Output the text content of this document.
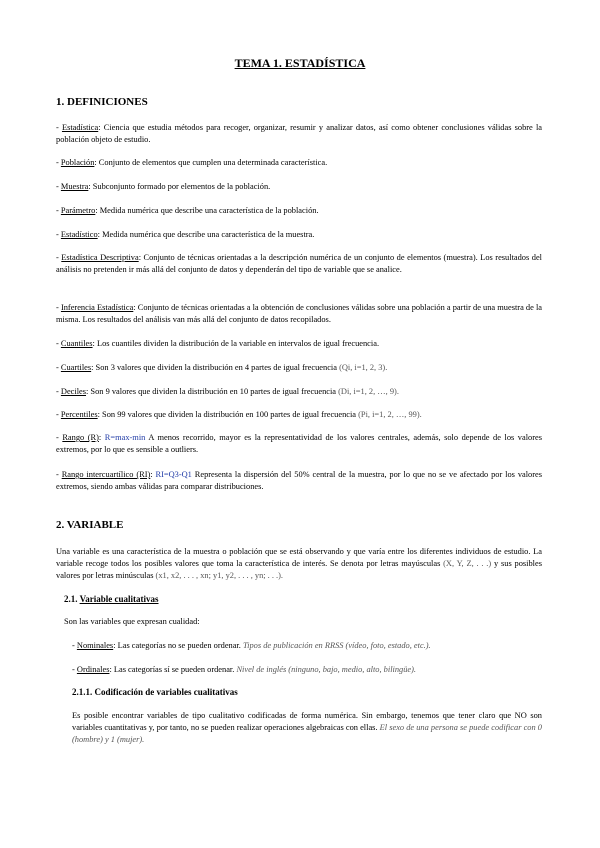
TEMA 1. ESTADÍSTICA
1. DEFINICIONES
- Estadística: Ciencia que estudia métodos para recoger, organizar, resumir y analizar datos, así como obtener conclusiones válidas sobre la población objeto de estudio.
- Población: Conjunto de elementos que cumplen una determinada característica.
- Muestra: Subconjunto formado por elementos de la población.
- Parámetro: Medida numérica que describe una característica de la población.
- Estadístico: Medida numérica que describe una característica de la muestra.
- Estadística Descriptiva: Conjunto de técnicas orientadas a la descripción numérica de un conjunto de elementos (muestra). Los resultados del análisis no pretenden ir más allá del conjunto de datos y dependerán del tipo de variable que se analice.
- Inferencia Estadística: Conjunto de técnicas orientadas a la obtención de conclusiones válidas sobre una población a partir de una muestra de la misma. Los resultados del análisis van más allá del conjunto de datos recopilados.
- Cuantiles: Los cuantiles dividen la distribución de la variable en intervalos de igual frecuencia.
- Cuartiles: Son 3 valores que dividen la distribución en 4 partes de igual frecuencia (Qi, i=1, 2, 3).
- Deciles: Son 9 valores que dividen la distribución en 10 partes de igual frecuencia (Di, i=1, 2, …, 9).
- Percentiles: Son 99 valores que dividen la distribución en 100 partes de igual frecuencia (Pi, i=1, 2, …, 99).
- Rango (R): R=max-min A menos recorrido, mayor es la representatividad de los valores centrales, además, solo depende de los valores extremos, por lo que es sensible a outliers.
- Rango intercuartílico (RI): RI=Q3-Q1 Representa la dispersión del 50% central de la muestra, por lo que no se ve afectado por los valores extremos, siendo ambas válidas para comparar distribuciones.
2. VARIABLE
Una variable es una característica de la muestra o población que se está observando y que varía entre los diferentes individuos de estudio. La variable recoge todos los posibles valores que toma la característica de interés. Se denota por letras mayúsculas (X, Y, Z, . . .) y sus posibles valores por letras minúsculas (x1, x2, . . . , xn; y1, y2, . . . , yn; . . .).
2.1. Variable cualitativas
Son las variables que expresan cualidad:
- Nominales: Las categorías no se pueden ordenar. Tipos de publicación en RRSS (vídeo, foto, estado, etc.).
- Ordinales: Las categorías sí se pueden ordenar. Nivel de inglés (ninguno, bajo, medio, alto, bilingüe).
2.1.1. Codificación de variables cualitativas
Es posible encontrar variables de tipo cualitativo codificadas de forma numérica. Sin embargo, tenemos que tener claro que NO son variables cuantitativas y, por tanto, no se pueden realizar operaciones algebraicas con ellas. El sexo de una persona se puede codificar con 0 (hombre) y 1 (mujer).
